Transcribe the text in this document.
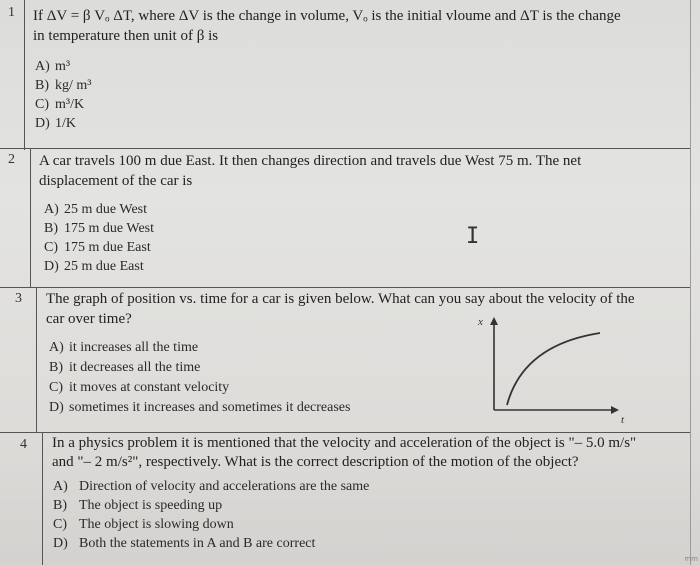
1 If ΔV = β Vₒ ΔT, where ΔV is the change in volume, Vₒ is the initial vloume and ΔT is the change
in temperature then unit of β is
A) m³
B) kg/ m³
C) m³/K
D) 1/K
2 A car travels 100 m due East. It then changes direction and travels due West 75 m. The net
displacement of the car is
A) 25 m due West
B) 175 m due West
C) 175 m due East
D) 25 m due East
I
3 The graph of position vs. time for a car is given below. What can you say about the velocity of the
car over time?
A) it increases all the time
B) it decreases all the time
C) it moves at constant velocity
D) sometimes it increases and sometimes it decreases
x
t
4 In a physics problem it is mentioned that the velocity and acceleration of the object is "– 5.0 m/s"
and "– 2 m/s²", respectively. What is the correct description of the motion of the object?
A) Direction of velocity and accelerations are the same
B) The object is speeding up
C) The object is slowing down
D) Both the statements in A and B are correct
mm
